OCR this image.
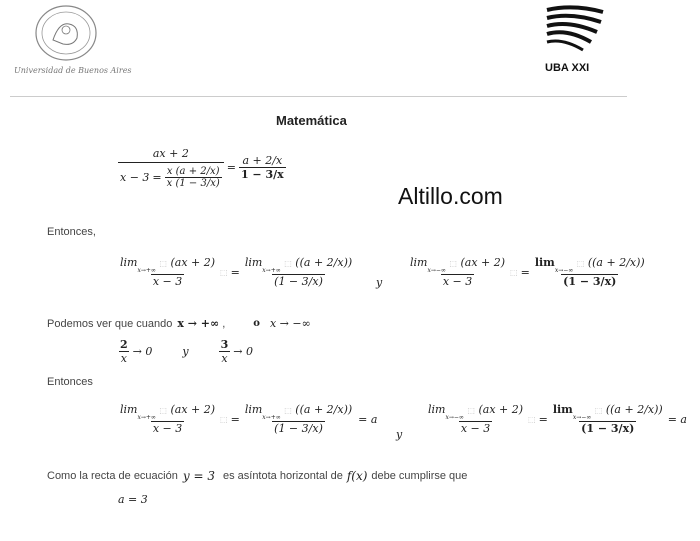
Universidad de Buenos Aires	UBA XXI
Matemática
Altillo.com
$\frac{ax + 2}{x - 3 = \frac{x (a + 2/x)}{x (1 - 3/x)}} = \frac{a + 2/x}{1 - 3/x}$
Entonces,
$\frac{\lim_{x\to+\infty} ⬚ (ax + 2)}{x - 3}$ ⬚ = $\frac{\lim_{x\to+\infty} ⬚ ((a + 2/x))}{(1 - 3/x)}$ y $\frac{\lim_{x\to-\infty} ⬚ (ax + 2)}{x - 3}$ ⬚ = $\frac{\lim_{x\to-\infty} ⬚ ((a + 2/x))}{(1 - 3/x)}$
Podemos ver que cuando x → +∞ ,	o x → −∞
$\frac{2}{x} \to 0$	y	$\frac{3}{x} \to 0$
Entonces
$\frac{\lim_{x\to+\infty} ⬚ (ax + 2)}{x - 3}$ ⬚ = $\frac{\lim_{x\to+\infty} ⬚ ((a + 2/x))}{(1 - 3/x)} = a$
y $\frac{\lim_{x\to-\infty} ⬚ (ax + 2)}{x - 3}$ ⬚ = $\frac{\lim_{x\to-\infty} ⬚ ((a + 2/x))}{(1 - 3/x)} = a$
Como la recta de ecuación y = 3 es asíntota horizontal de f(x) debe cumplirse que
a = 3
